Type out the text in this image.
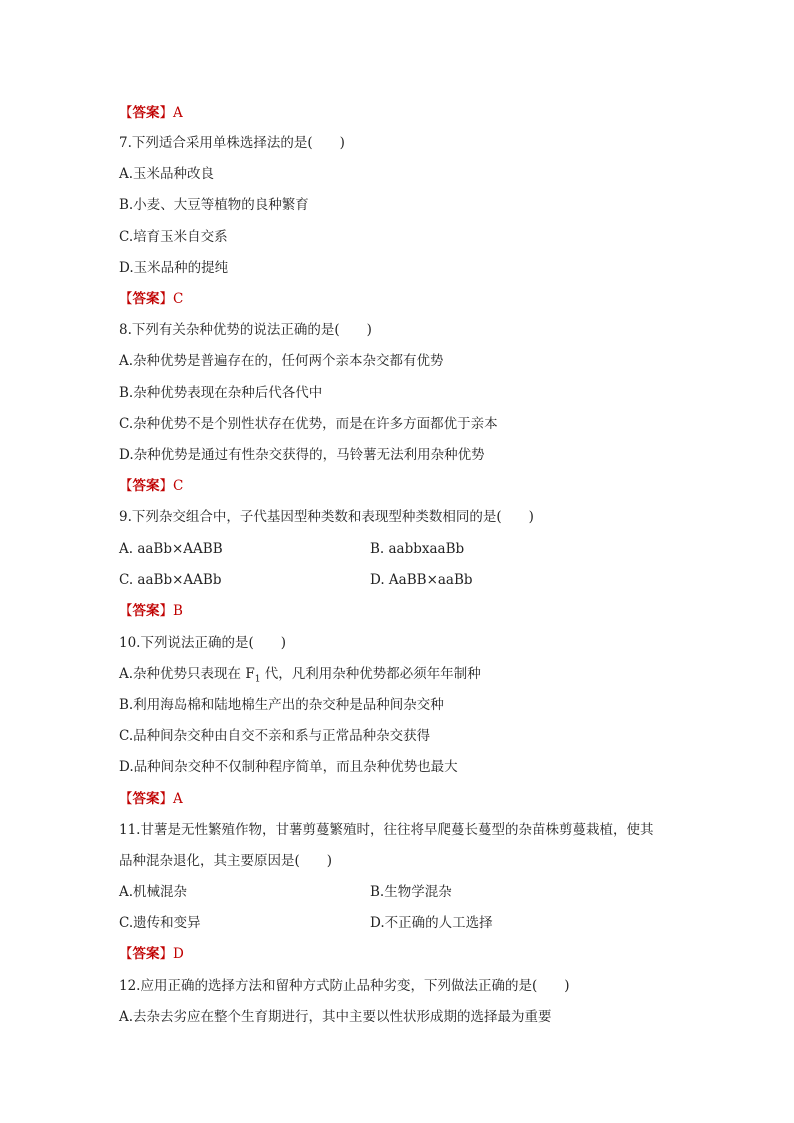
【答案】A
7.下列适合采用单株选择法的是(　　)
A.玉米品种改良
B.小麦、大豆等植物的良种繁育
C.培育玉米自交系
D.玉米品种的提纯
【答案】C
8.下列有关杂种优势的说法正确的是(　　)
A.杂种优势是普遍存在的，任何两个亲本杂交都有优势
B.杂种优势表现在杂种后代各代中
C.杂种优势不是个别性状存在优势，而是在许多方面都优于亲本
D.杂种优势是通过有性杂交获得的，马铃薯无法利用杂种优势
【答案】C
9.下列杂交组合中，子代基因型种类数和表现型种类数相同的是(　　)
A. aaBb×AABB	B. aabbxaaBb
C. aaBb×AABb	D. AaBB×aaBb
【答案】B
10.下列说法正确的是(　　)
A.杂种优势只表现在 $F_1$ 代，凡利用杂种优势都必须年年制种
B.利用海岛棉和陆地棉生产出的杂交种是品种间杂交种
C.品种间杂交种由自交不亲和系与正常品种杂交获得
D.品种间杂交种不仅制种程序简单，而且杂种优势也最大
【答案】A
11.甘薯是无性繁殖作物，甘薯剪蔓繁殖时，往往将早爬蔓长蔓型的杂苗株剪蔓栽植，使其
品种混杂退化，其主要原因是(　　)
A.机械混杂	B.生物学混杂
C.遗传和变异	D.不正确的人工选择
【答案】D
12.应用正确的选择方法和留种方式防止品种劣变，下列做法正确的是(　　)
A.去杂去劣应在整个生育期进行，其中主要以性状形成期的选择最为重要
